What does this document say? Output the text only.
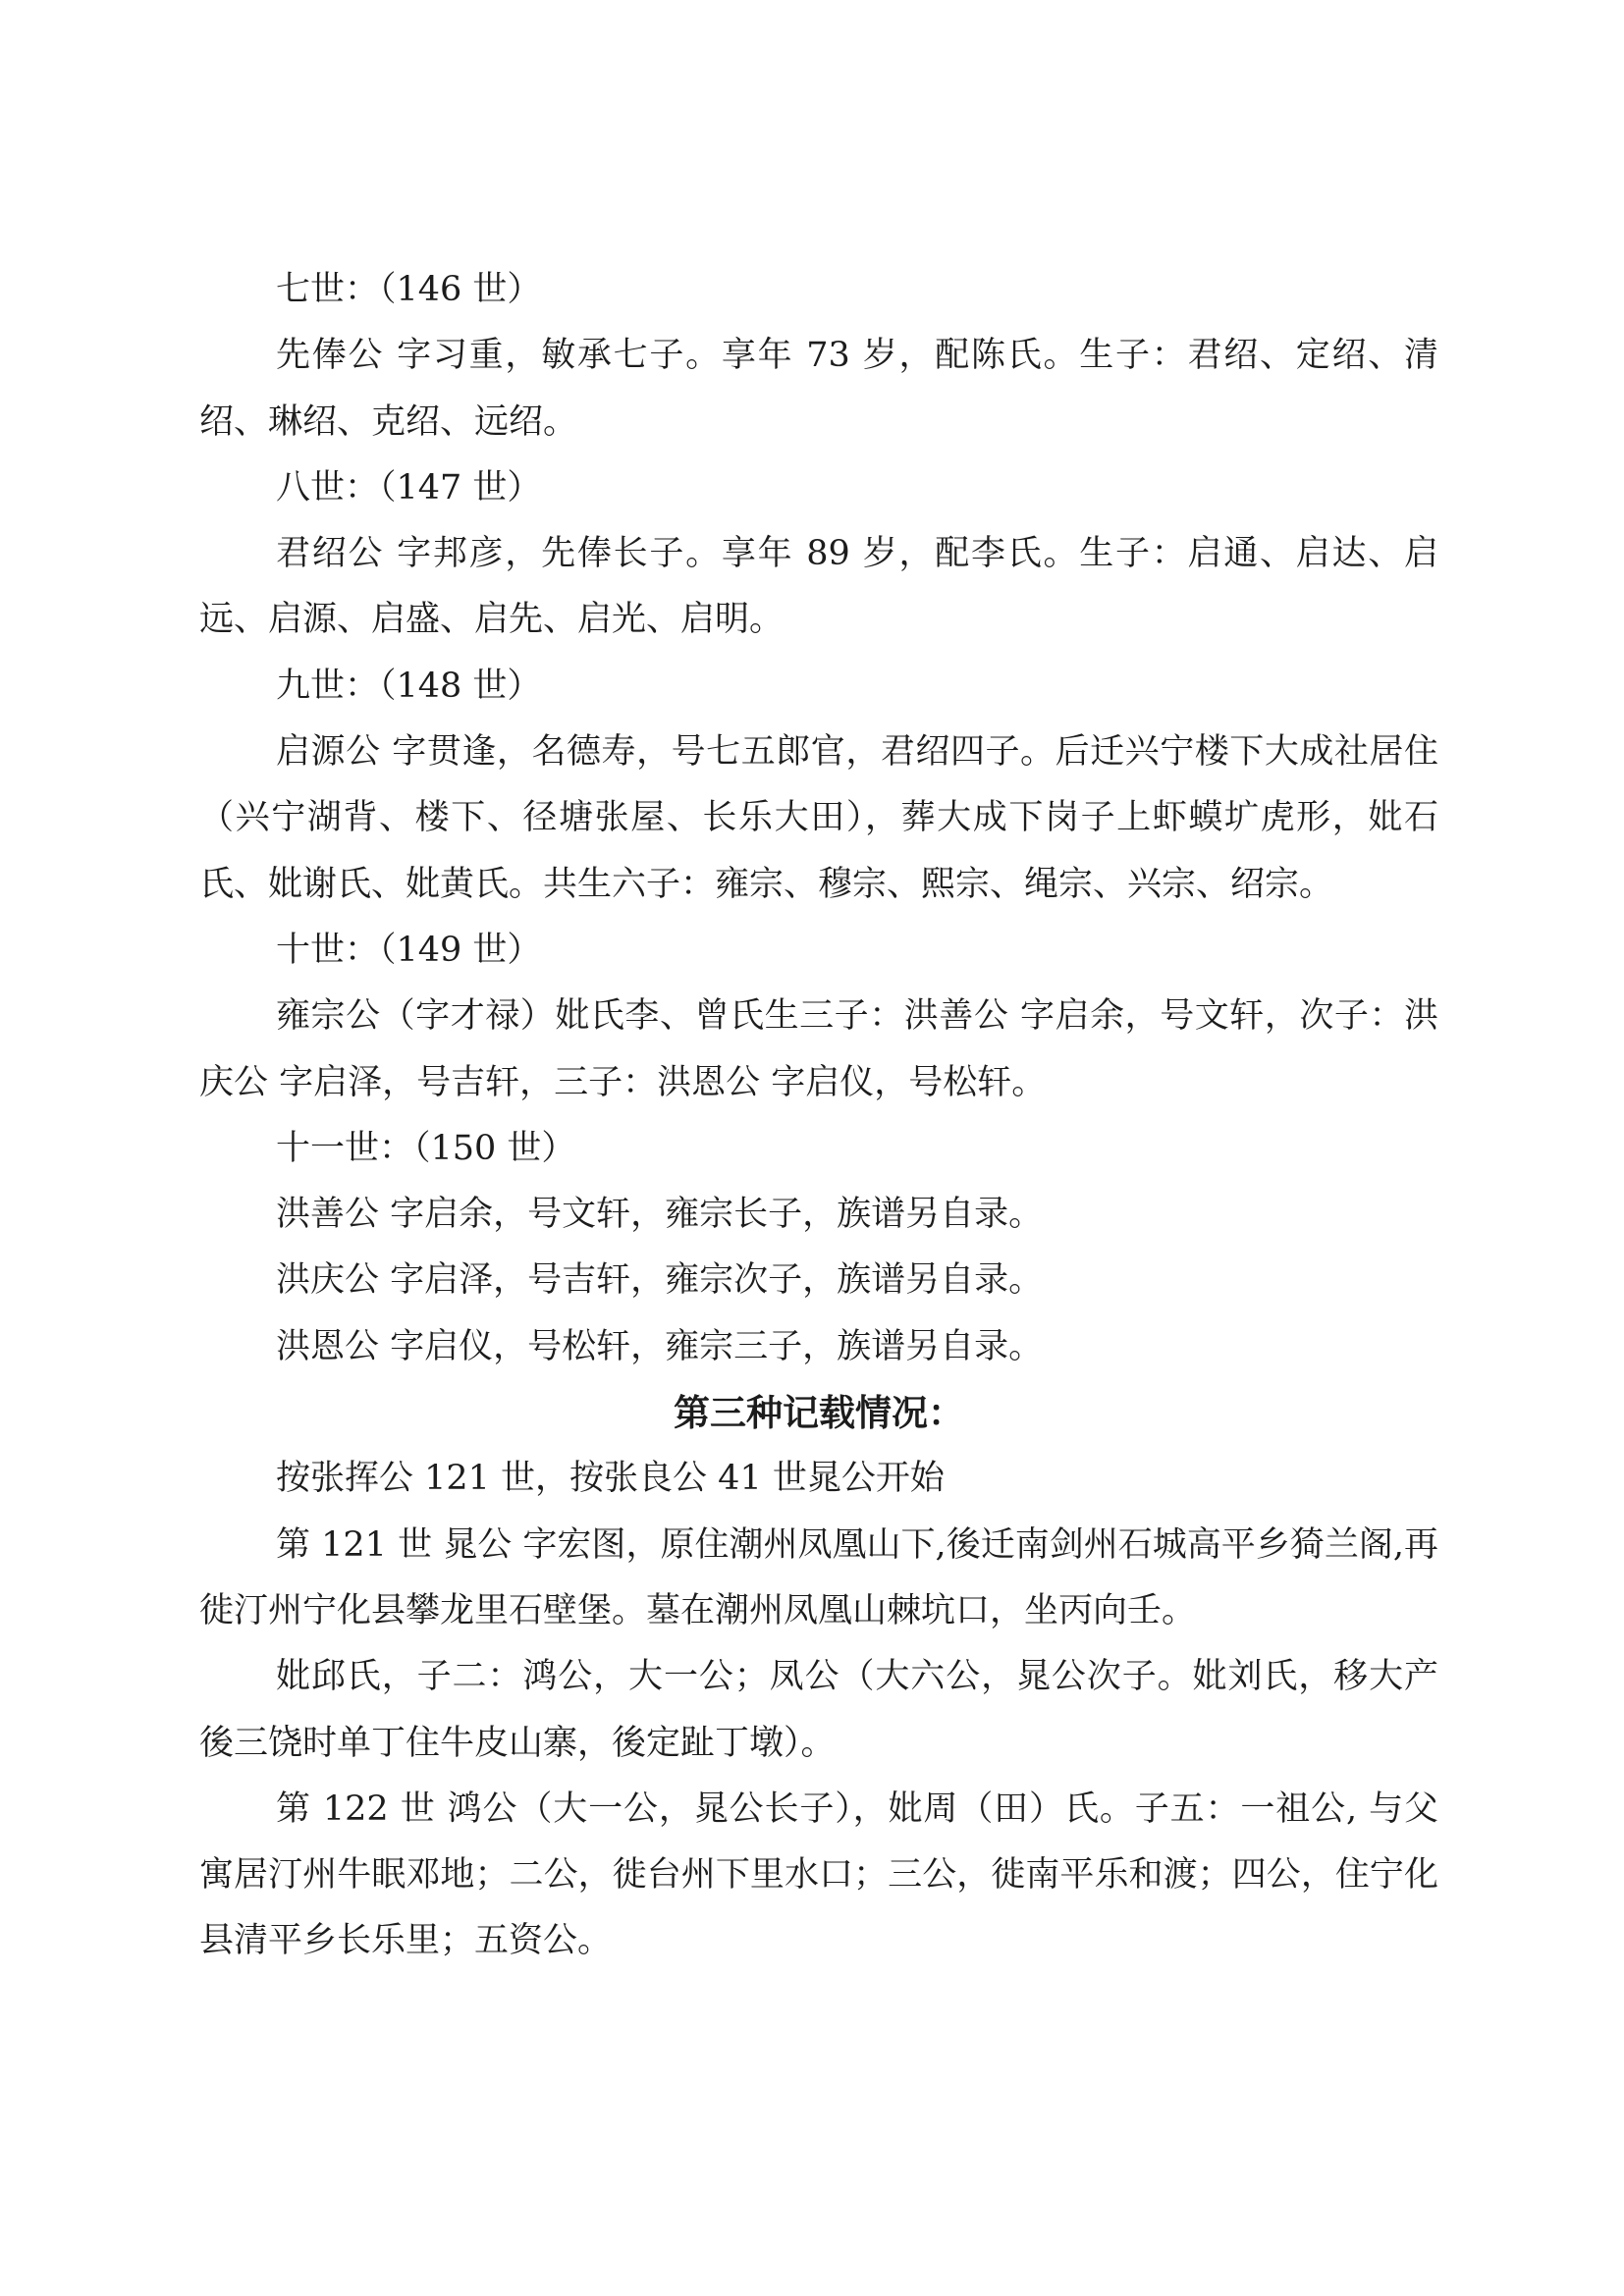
七世：（146 世）

先俸公 字习重，敏承七子。享年 73 岁，配陈氏。生子：君绍、定绍、清绍、琳绍、克绍、远绍。

八世：（147 世）

君绍公 字邦彦，先俸长子。享年 89 岁，配李氏。生子：启通、启达、启远、启源、启盛、启先、启光、启明。

九世：（148 世）

启源公 字贯逢，名德寿，号七五郎官，君绍四子。后迁兴宁楼下大成社居住（兴宁湖背、楼下、径塘张屋、长乐大田），葬大成下岗子上虾蟆圹虎形，妣石氏、妣谢氏、妣黄氏。共生六子：雍宗、穆宗、熙宗、绳宗、兴宗、绍宗。

十世：（149 世）

雍宗公（字才禄）妣氏李、曾氏生三子：洪善公 字启余，号文轩，次子：洪庆公 字启泽，号吉轩，三子：洪恩公 字启仪，号松轩。

十一世：（150 世）

洪善公 字启余，号文轩，雍宗长子，族谱另自录。

洪庆公 字启泽，号吉轩，雍宗次子，族谱另自录。

洪恩公 字启仪，号松轩，雍宗三子，族谱另自录。

第三种记载情况：

按张挥公 121 世，按张良公 41 世晁公开始

第 121 世 晁公 字宏图，原住潮州凤凰山下,後迁南剑州石城高平乡猗兰阁,再徙汀州宁化县攀龙里石壁堡。墓在潮州凤凰山棘坑口，坐丙向壬。

妣邱氏，子二：鸿公，大一公；凤公（大六公，晁公次子。妣刘氏，移大产後三饶时单丁住牛皮山寨，後定趾丁墩）。

第 122 世 鸿公（大一公，晁公长子），妣周（田）氏。子五：一祖公, 与父寓居汀州牛眠邓地；二公，徙台州下里水口；三公，徙南平乐和渡；四公，住宁化县清平乡长乐里；五资公。
